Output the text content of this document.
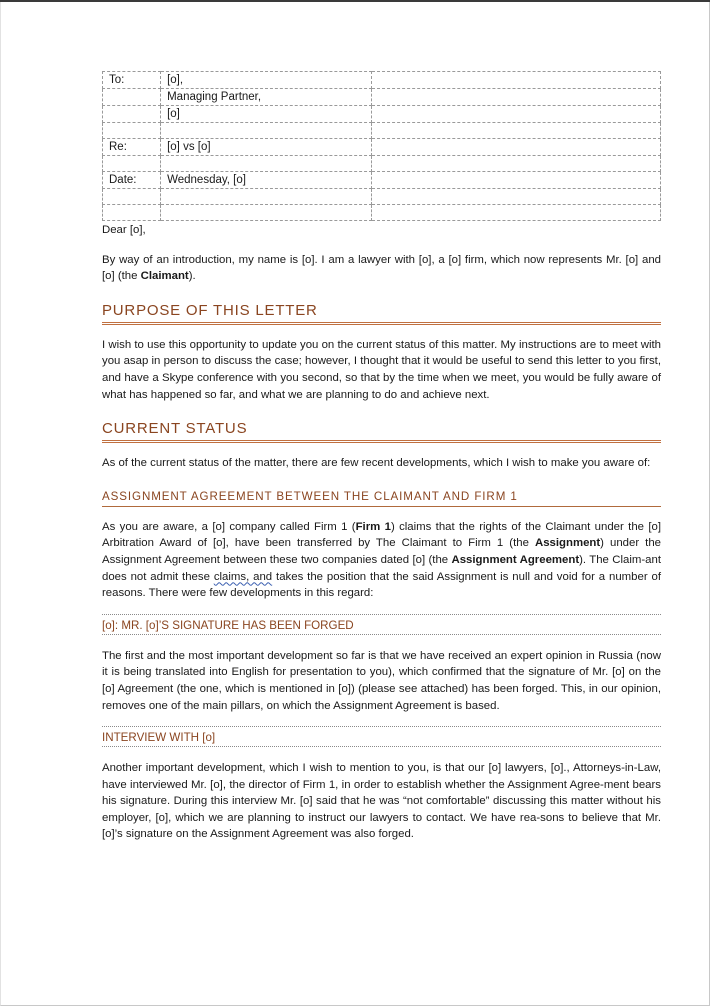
To:	[o],	
	Managing Partner,	
	[o]	

Re:	[o] vs [o]	

Date:	Wednesday, [o]	

Dear [o],

By way of an introduction, my name is [o]. I am a lawyer with [o], a [o] firm, which now represents Mr. [o] and [o] (the Claimant).

PURPOSE OF THIS LETTER

I wish to use this opportunity to update you on the current status of this matter. My instructions are to meet with you asap in person to discuss the case; however, I thought that it would be useful to send this letter to you first, and have a Skype conference with you second, so that by the time when we meet, you would be fully aware of what has happened so far, and what we are planning to do and achieve next.

CURRENT STATUS

As of the current status of the matter, there are few recent developments, which I wish to make you aware of:

ASSIGNMENT AGREEMENT BETWEEN THE CLAIMANT AND FIRM 1

As you are aware, a [o] company called Firm 1 (Firm 1) claims that the rights of the Claimant under the [o] Arbitration Award of [o], have been transferred by The Claimant to Firm 1 (the Assignment) under the Assignment Agreement between these two companies dated [o] (the Assignment Agreement). The Claim-ant does not admit these claims, and takes the position that the said Assignment is null and void for a number of reasons. There were few developments in this regard:

[o]: MR. [o]’S SIGNATURE HAS BEEN FORGED

The first and the most important development so far is that we have received an expert opinion in Russia (now it is being translated into English for presentation to you), which confirmed that the signature of Mr. [o] on the [o] Agreement (the one, which is mentioned in [o]) (please see attached) has been forged. This, in our opinion, removes one of the main pillars, on which the Assignment Agreement is based.

INTERVIEW WITH [o]

Another important development, which I wish to mention to you, is that our [o] lawyers, [o]., Attorneys-in-Law, have interviewed Mr. [o], the director of Firm 1, in order to establish whether the Assignment Agree-ment bears his signature. During this interview Mr. [o] said that he was “not comfortable” discussing this matter without his employer, [o], which we are planning to instruct our lawyers to contact. We have rea-sons to believe that Mr. [o]’s signature on the Assignment Agreement was also forged.
